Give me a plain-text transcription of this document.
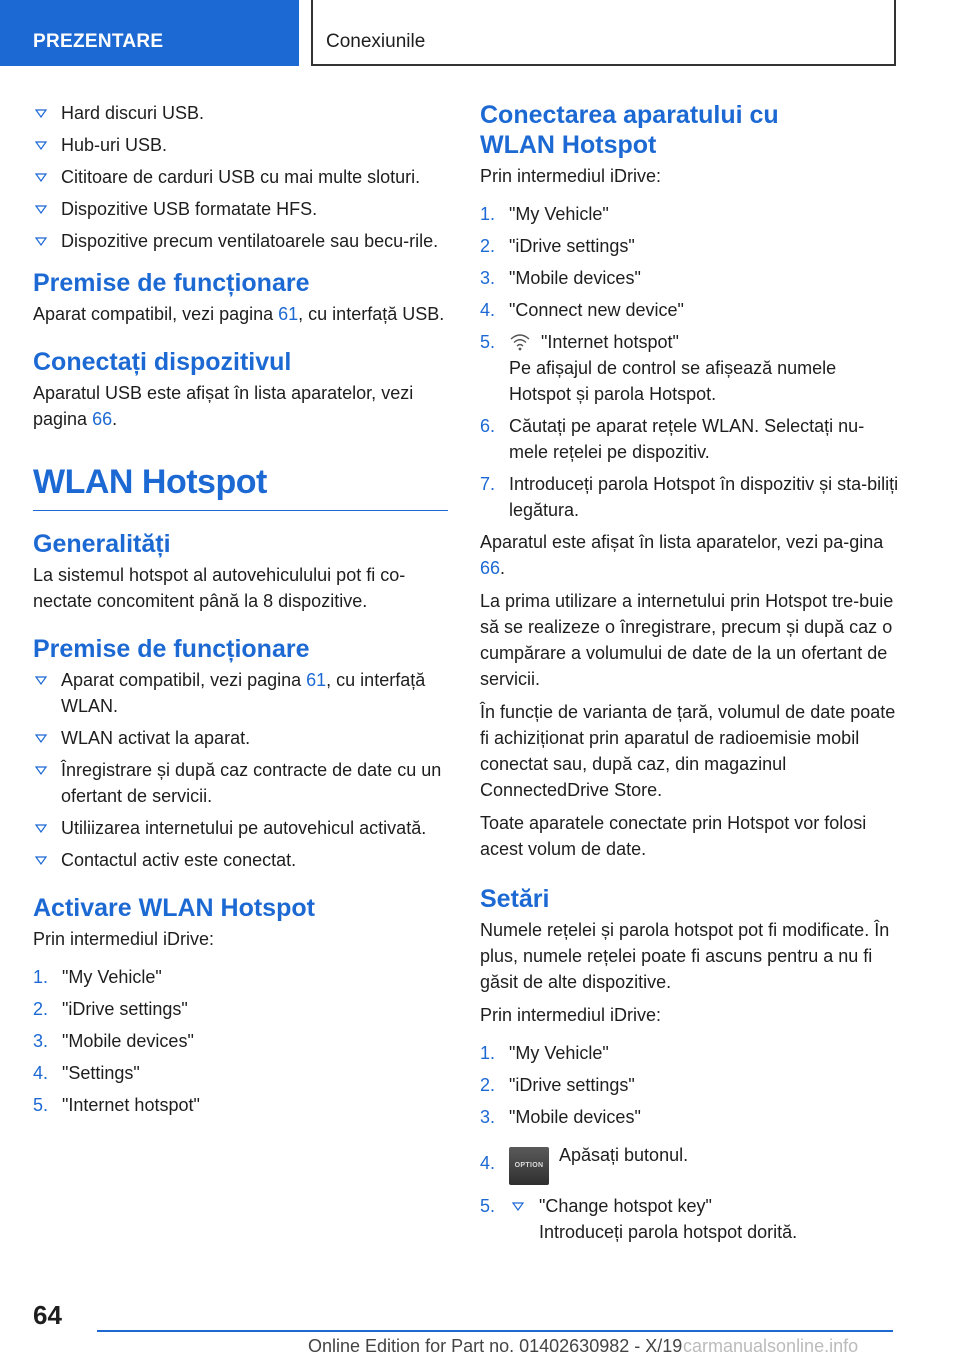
PREZENTARE	Conexiunile
Hard discuri USB.
Hub-uri USB.
Cititoare de carduri USB cu mai multe sloturi.
Dispozitive USB formatate HFS.
Dispozitive precum ventilatoarele sau becu-rile.
Premise de funcționare

Aparat compatibil, vezi pagina 61, cu interfață USB.

Conectați dispozitivul

Aparatul USB este afișat în lista aparatelor, vezi pagina 66.

WLAN Hotspot
Generalități

La sistemul hotspot al autovehiculului pot fi co-nectate concomitent până la 8 dispozitive.

Premise de funcționare
Aparat compatibil, vezi pagina 61, cu interfață WLAN.
WLAN activat la aparat.
Înregistrare și după caz contracte de date cu un ofertant de servicii.
Utiliizarea internetului pe autovehicul activată.
Contactul activ este conectat.
Activare WLAN Hotspot

Prin intermediul iDrive:

1. "My Vehicle"
2. "iDrive settings"
3. "Mobile devices"
4. "Settings"
5. "Internet hotspot"
Conectarea aparatului cu WLAN Hotspot

Prin intermediul iDrive:

1. "My Vehicle"
2. "iDrive settings"
3. "Mobile devices"
4. "Connect new device"
5.	"Internet hotspot"
Pe afișajul de control se afișează numele Hotspot și parola Hotspot.
6. Căutați pe aparat rețele WLAN. Selectați nu-mele rețelei pe dispozitiv.
7. Introduceți parola Hotspot în dispozitiv și sta-biliți legătura.

Aparatul este afișat în lista aparatelor, vezi pa-gina 66.

La prima utilizare a internetului prin Hotspot tre-buie să se realizeze o înregistrare, precum și după caz o cumpărare a volumului de date de la un ofertant de servicii.

În funcție de varianta de țară, volumul de date poate fi achiziționat prin aparatul de radioemisie mobil conectat sau, după caz, din magazinul ConnectedDrive Store.

Toate aparatele conectate prin Hotspot vor folosi acest volum de date.

Setări

Numele rețelei și parola hotspot pot fi modificate. În plus, numele rețelei poate fi ascuns pentru a nu fi găsit de alte dispozitive.

Prin intermediul iDrive:

1. "My Vehicle"
2. "iDrive settings"
3. "Mobile devices"
4.	OPTIONApăsați butonul.
5.	"Change hotspot key"
Introduceți parola hotspot dorită.
64
Online Edition for Part no. 01402630982 - X/19 carmanualsonline.info
